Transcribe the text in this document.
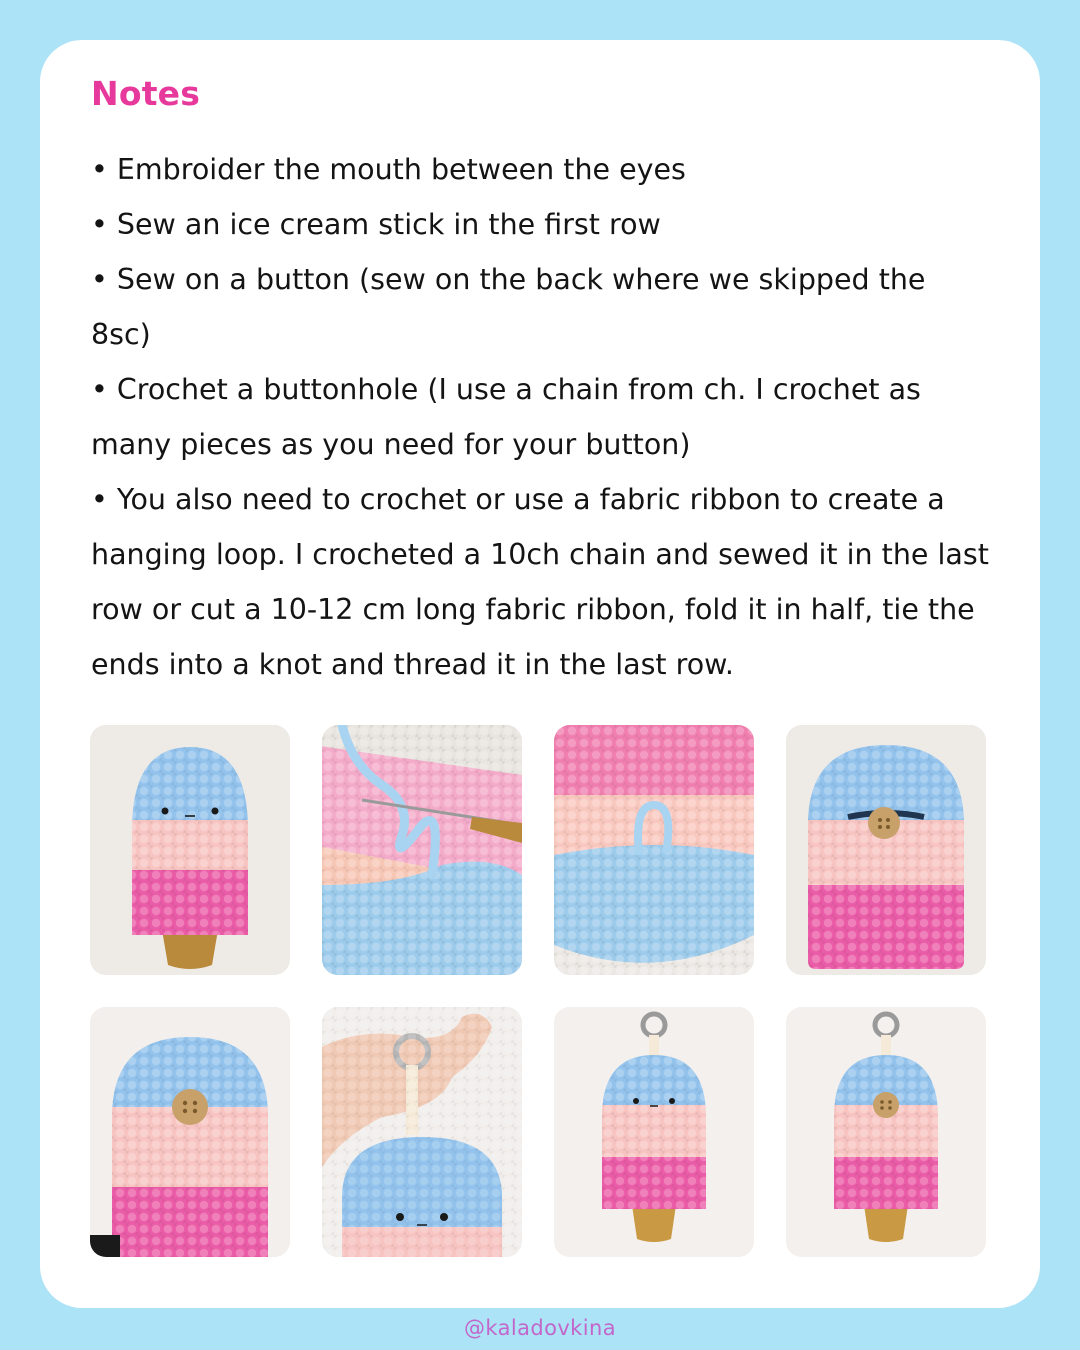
Notes

• Embroider the mouth between the eyes

• Sew an ice cream stick in the first row

• Sew on a button (sew on the back where we skipped the 8sc)

• Crochet a buttonhole (I use a chain from ch. I crochet as many pieces as you need for your button)

• You also need to crochet or use a fabric ribbon to create a hanging loop. I crocheted a 10ch chain and sewed it in the last row or cut a 10-12 cm long fabric ribbon, fold it in half, tie the ends into a knot and thread it in the last row.

@kaladovkina
